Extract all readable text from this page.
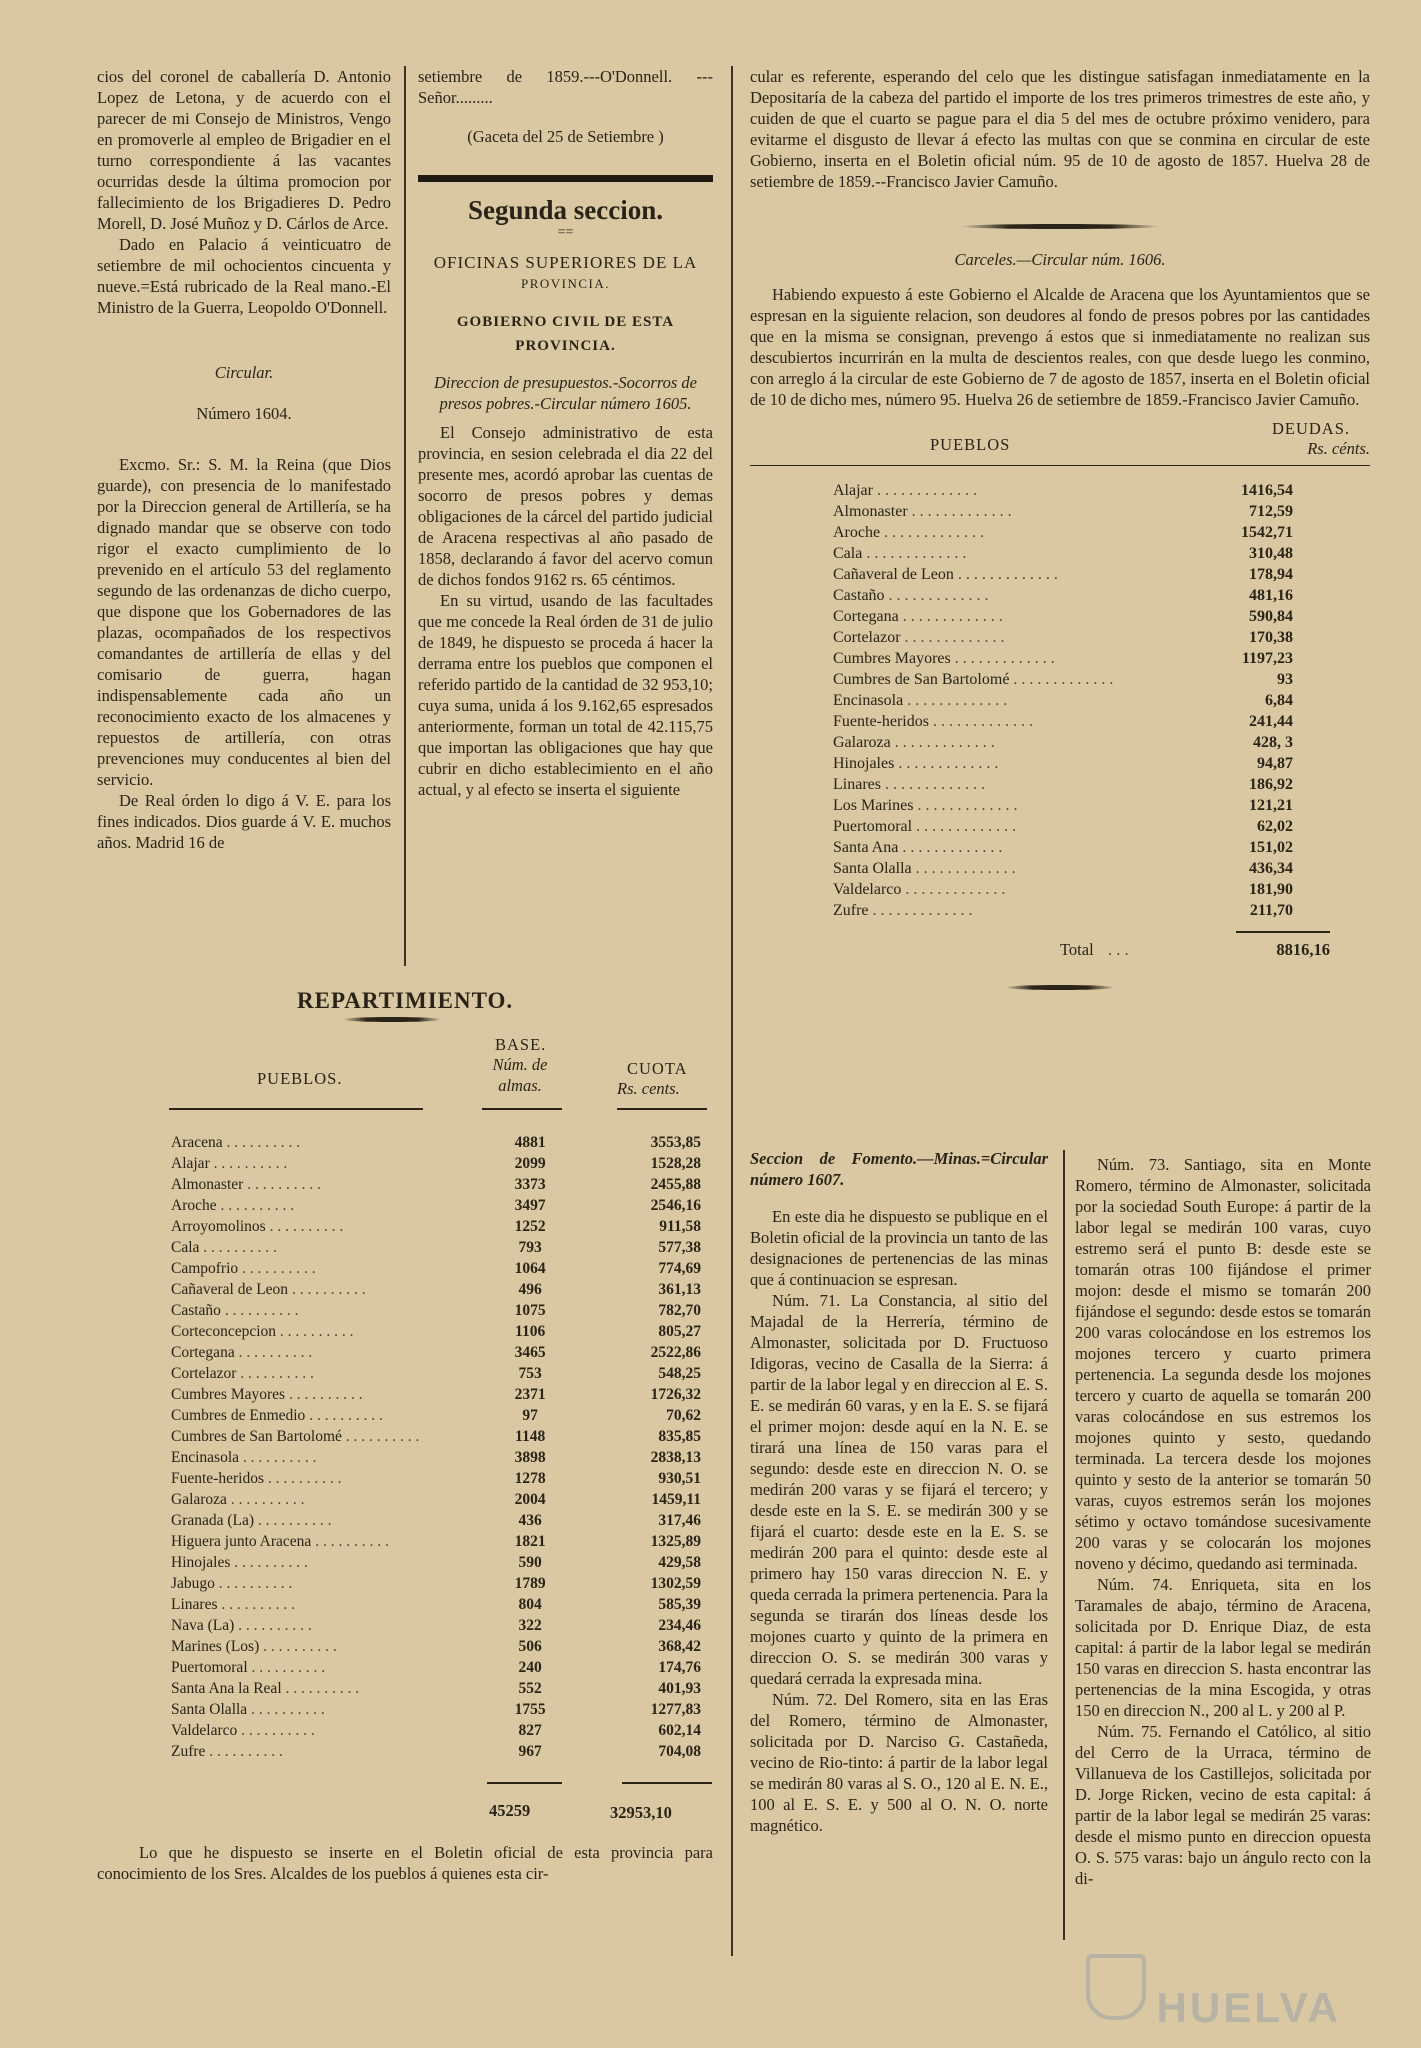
cios del coronel de caballería D. Antonio Lopez de Letona, y de acuerdo con el parecer de mi Consejo de Ministros, Vengo en promoverle al empleo de Brigadier en el turno correspondiente á las vacantes ocurridas desde la última promocion por fallecimiento de los Brigadieres D. Pedro Morell, D. José Muñoz y D. Cárlos de Arce.

Dado en Palacio á veinticuatro de setiembre de mil ochocientos cincuenta y nueve.=Está rubricado de la Real mano.-El Ministro de la Guerra, Leopoldo O'Donnell.

Circular.
Número 1604.

Excmo. Sr.: S. M. la Reina (que Dios guarde), con presencia de lo manifestado por la Direccion general de Artillería, se ha dignado mandar que se observe con todo rigor el exacto cumplimiento de lo prevenido en el artículo 53 del reglamento segundo de las ordenanzas de dicho cuerpo, que dispone que los Gobernadores de las plazas, ocompañados de los respectivos comandantes de artillería de ellas y del comisario de guerra, hagan indispensablemente cada año un reconocimiento exacto de los almacenes y repuestos de artillería, con otras prevenciones muy conducentes al bien del servicio.

De Real órden lo digo á V. E. para los fines indicados. Dios guarde á V. E. muchos años. Madrid 16 de

setiembre de 1859.---O'Donnell. ---Señor.........

(Gaceta del 25 de Setiembre )
Segunda seccion.
==
OFICINAS SUPERIORES DE LA
PROVINCIA.
GOBIERNO CIVIL DE ESTA PROVINCIA.
Direccion de presupuestos.-Socorros de presos pobres.-Circular número 1605.

El Consejo administrativo de esta provincia, en sesion celebrada el dia 22 del presente mes, acordó aprobar las cuentas de socorro de presos pobres y demas obligaciones de la cárcel del partido judicial de Aracena respectivas al año pasado de 1858, declarando á favor del acervo comun de dichos fondos 9162 rs. 65 céntimos.

En su virtud, usando de las facultades que me concede la Real órden de 31 de julio de 1849, he dispuesto se proceda á hacer la derrama entre los pueblos que componen el referido partido de la cantidad de 32 953,10; cuya suma, unida á los 9.162,65 espresados anteriormente, forman un total de 42.115,75 que importan las obligaciones que hay que cubrir en dicho establecimiento en el año actual, y al efecto se inserta el siguiente

cular es referente, esperando del celo que les distingue satisfagan inmediatamente en la Depositaría de la cabeza del partido el importe de los tres primeros trimestres de este año, y cuiden de que el cuarto se pague para el dia 5 del mes de octubre próximo venidero, para evitarme el disgusto de llevar á efecto las multas con que se conmina en circular de este Gobierno, inserta en el Boletin oficial núm. 95 de 10 de agosto de 1857. Huelva 28 de setiembre de 1859.--Francisco Javier Camuño.

Carceles.—Circular núm. 1606.

Habiendo expuesto á este Gobierno el Alcalde de Aracena que los Ayuntamientos que se espresan en la siguiente relacion, son deudores al fondo de presos pobres por las cantidades que en la misma se consignan, prevengo á estos que si inmediatamente no realizan sus descubiertos incurrirán en la multa de descientos reales, con que desde luego les conmino, con arreglo á la circular de este Gobierno de 7 de agosto de 1857, inserta en el Boletin oficial de 10 de dicho mes, número 95. Huelva 26 de setiembre de 1859.-Francisco Javier Camuño.

PUEBLOS
DEUDAS.
Rs. cénts.
Alajar . . . . . . . . . . . . .	1416,54
Almonaster . . . . . . . . . . . . .	712,59
Aroche . . . . . . . . . . . . .	1542,71
Cala . . . . . . . . . . . . .	310,48
Cañaveral de Leon . . . . . . . . . . . . .	178,94
Castaño . . . . . . . . . . . . .	481,16
Cortegana . . . . . . . . . . . . .	590,84
Cortelazor . . . . . . . . . . . . .	170,38
Cumbres Mayores . . . . . . . . . . . . .	1197,23
Cumbres de San Bartolomé . . . . . . . . . . . . .	93
Encinasola . . . . . . . . . . . . .	6,84
Fuente-heridos . . . . . . . . . . . . .	241,44
Galaroza . . . . . . . . . . . . .	428, 3
Hinojales . . . . . . . . . . . . .	94,87
Linares . . . . . . . . . . . . .	186,92
Los Marines . . . . . . . . . . . . .	121,21
Puertomoral . . . . . . . . . . . . .	62,02
Santa Ana . . . . . . . . . . . . .	151,02
Santa Olalla . . . . . . . . . . . . .	436,34
Valdelarco . . . . . . . . . . . . .	181,90
Zufre . . . . . . . . . . . . .	211,70
Total . . .	8816,16
REPARTIMIENTO.
PUEBLOS.
BASE.
Núm. de almas.
CUOTA
Rs. cents.
Aracena . . . . . . . . . .	4881	3553,85
Alajar . . . . . . . . . .	2099	1528,28
Almonaster . . . . . . . . . .	3373	2455,88
Aroche . . . . . . . . . .	3497	2546,16
Arroyomolinos . . . . . . . . . .	1252	911,58
Cala . . . . . . . . . .	793	577,38
Campofrio . . . . . . . . . .	1064	774,69
Cañaveral de Leon . . . . . . . . . .	496	361,13
Castaño . . . . . . . . . .	1075	782,70
Corteconcepcion . . . . . . . . . .	1106	805,27
Cortegana . . . . . . . . . .	3465	2522,86
Cortelazor . . . . . . . . . .	753	548,25
Cumbres Mayores . . . . . . . . . .	2371	1726,32
Cumbres de Enmedio . . . . . . . . . .	97	70,62
Cumbres de San Bartolomé . . . . . . . . . .	1148	835,85
Encinasola . . . . . . . . . .	3898	2838,13
Fuente-heridos . . . . . . . . . .	1278	930,51
Galaroza . . . . . . . . . .	2004	1459,11
Granada (La) . . . . . . . . . .	436	317,46
Higuera junto Aracena . . . . . . . . . .	1821	1325,89
Hinojales . . . . . . . . . .	590	429,58
Jabugo . . . . . . . . . .	1789	1302,59
Linares . . . . . . . . . .	804	585,39
Nava (La) . . . . . . . . . .	322	234,46
Marines (Los) . . . . . . . . . .	506	368,42
Puertomoral . . . . . . . . . .	240	174,76
Santa Ana la Real . . . . . . . . . .	552	401,93
Santa Olalla . . . . . . . . . .	1755	1277,83
Valdelarco . . . . . . . . . .	827	602,14
Zufre . . . . . . . . . .	967	704,08
45259	32953,10

Lo que he dispuesto se inserte en el Boletin oficial de esta provincia para conocimiento de los Sres. Alcaldes de los pueblos á quienes esta cir-

Seccion de Fomento.—Minas.=Circular número 1607.

En este dia he dispuesto se publique en el Boletin oficial de la provincia un tanto de las designaciones de pertenencias de las minas que á continuacion se espresan.

Núm. 71. La Constancia, al sitio del Majadal de la Herrería, término de Almonaster, solicitada por D. Fructuoso Idigoras, vecino de Casalla de la Sierra: á partir de la labor legal y en direccion al E. S. E. se medirán 60 varas, y en la E. S. se fijará el primer mojon: desde aquí en la N. E. se tirará una línea de 150 varas para el segundo: desde este en direccion N. O. se medirán 200 varas y se fijará el tercero; y desde este en la S. E. se medirán 300 y se fijará el cuarto: desde este en la E. S. se medirán 200 para el quinto: desde este al primero hay 150 varas direccion N. E. y queda cerrada la primera pertenencia. Para la segunda se tirarán dos líneas desde los mojones cuarto y quinto de la primera en direccion O. S. se medirán 300 varas y quedará cerrada la expresada mina.

Núm. 72. Del Romero, sita en las Eras del Romero, término de Almonaster, solicitada por D. Narciso G. Castañeda, vecino de Rio-tinto: á partir de la labor legal se medirán 80 varas al S. O., 120 al E. N. E., 100 al E. S. E. y 500 al O. N. O. norte magnético.

Núm. 73. Santiago, sita en Monte Romero, término de Almonaster, solicitada por la sociedad South Europe: á partir de la labor legal se medirán 100 varas, cuyo estremo será el punto B: desde este se tomarán otras 100 fijándose el primer mojon: desde el mismo se tomarán 200 fijándose el segundo: desde estos se tomarán 200 varas colocándose en los estremos los mojones tercero y cuarto primera pertenencia. La segunda desde los mojones tercero y cuarto de aquella se tomarán 200 varas colocándose en sus estremos los mojones quinto y sesto, quedando terminada. La tercera desde los mojones quinto y sesto de la anterior se tomarán 50 varas, cuyos estremos serán los mojones sétimo y octavo tomándose sucesivamente 200 varas y se colocarán los mojones noveno y décimo, quedando asi terminada.

Núm. 74. Enriqueta, sita en los Taramales de abajo, término de Aracena, solicitada por D. Enrique Diaz, de esta capital: á partir de la labor legal se medirán 150 varas en direccion S. hasta encontrar las pertenencias de la mina Escogida, y otras 150 en direccion N., 200 al L. y 200 al P.

Núm. 75. Fernando el Católico, al sitio del Cerro de la Urraca, término de Villanueva de los Castillejos, solicitada por D. Jorge Ricken, vecino de esta capital: á partir de la labor legal se medirán 25 varas: desde el mismo punto en direccion opuesta O. S. 575 varas: bajo un ángulo recto con la di-

HUELVA
